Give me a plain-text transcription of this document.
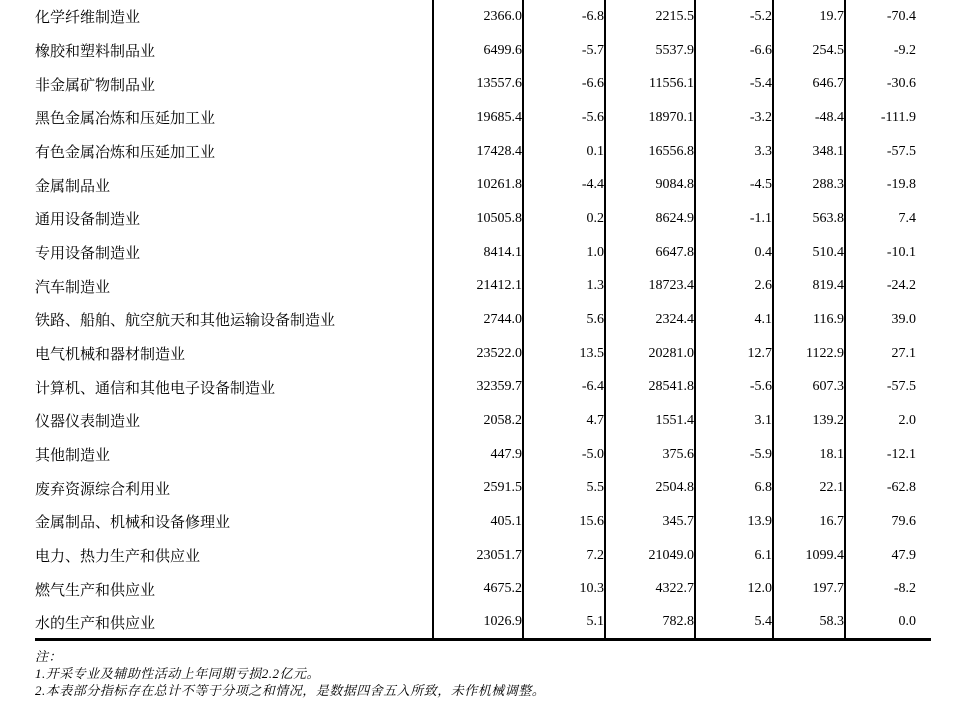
化学纤维制造业	2366.0	-6.8	2215.5	-5.2	19.7	-70.4
橡胶和塑料制品业	6499.6	-5.7	5537.9	-6.6	254.5	-9.2
非金属矿物制品业	13557.6	-6.6	11556.1	-5.4	646.7	-30.6
黑色金属冶炼和压延加工业	19685.4	-5.6	18970.1	-3.2	-48.4	-111.9
有色金属冶炼和压延加工业	17428.4	0.1	16556.8	3.3	348.1	-57.5
金属制品业	10261.8	-4.4	9084.8	-4.5	288.3	-19.8
通用设备制造业	10505.8	0.2	8624.9	-1.1	563.8	7.4
专用设备制造业	8414.1	1.0	6647.8	0.4	510.4	-10.1
汽车制造业	21412.1	1.3	18723.4	2.6	819.4	-24.2
铁路、船舶、航空航天和其他运输设备制造业	2744.0	5.6	2324.4	4.1	116.9	39.0
电气机械和器材制造业	23522.0	13.5	20281.0	12.7	1122.9	27.1
计算机、通信和其他电子设备制造业	32359.7	-6.4	28541.8	-5.6	607.3	-57.5
仪器仪表制造业	2058.2	4.7	1551.4	3.1	139.2	2.0
其他制造业	447.9	-5.0	375.6	-5.9	18.1	-12.1
废弃资源综合利用业	2591.5	5.5	2504.8	6.8	22.1	-62.8
金属制品、机械和设备修理业	405.1	15.6	345.7	13.9	16.7	79.6
电力、热力生产和供应业	23051.7	7.2	21049.0	6.1	1099.4	47.9
燃气生产和供应业	4675.2	10.3	4322.7	12.0	197.7	-8.2
水的生产和供应业	1026.9	5.1	782.8	5.4	58.3	0.0
注：
1.开采专业及辅助性活动上年同期亏损2.2亿元。
2.本表部分指标存在总计不等于分项之和情况，是数据四舍五入所致，未作机械调整。
